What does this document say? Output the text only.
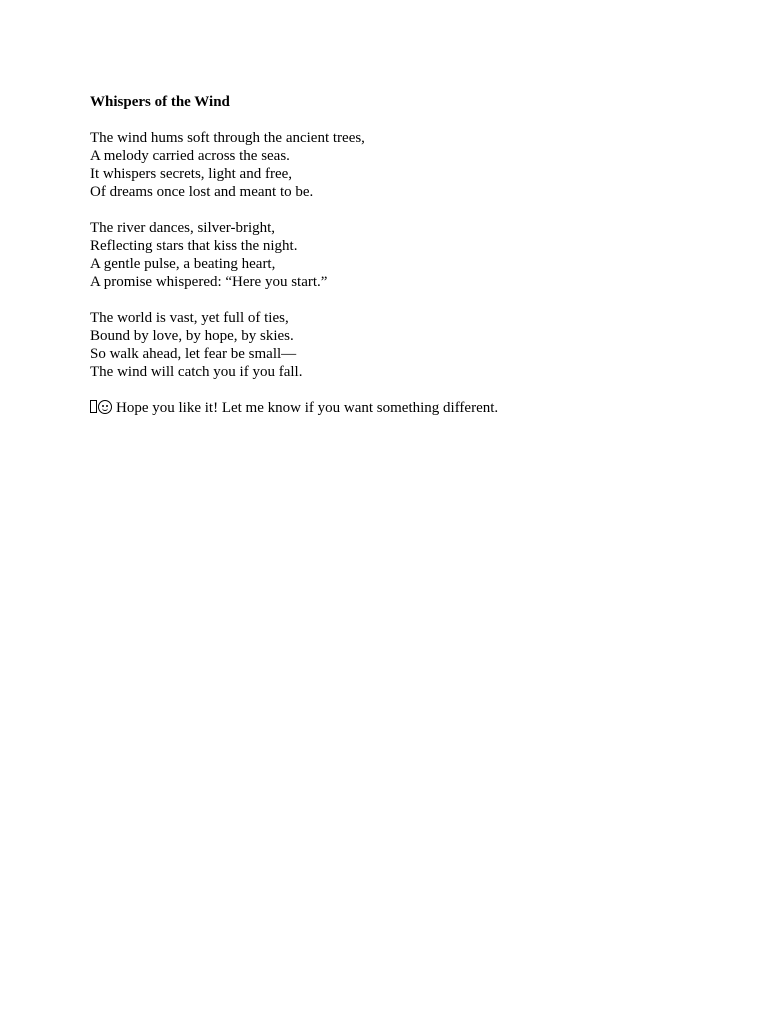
Whispers of the Wind
The wind hums soft through the ancient trees,
A melody carried across the seas.
It whispers secrets, light and free,
Of dreams once lost and meant to be.
The river dances, silver-bright,
Reflecting stars that kiss the night.
A gentle pulse, a beating heart,
A promise whispered: “Here you start.”
The world is vast, yet full of ties,
Bound by love, by hope, by skies.
So walk ahead, let fear be small—
The wind will catch you if you fall.
Hope you like it! Let me know if you want something different.
